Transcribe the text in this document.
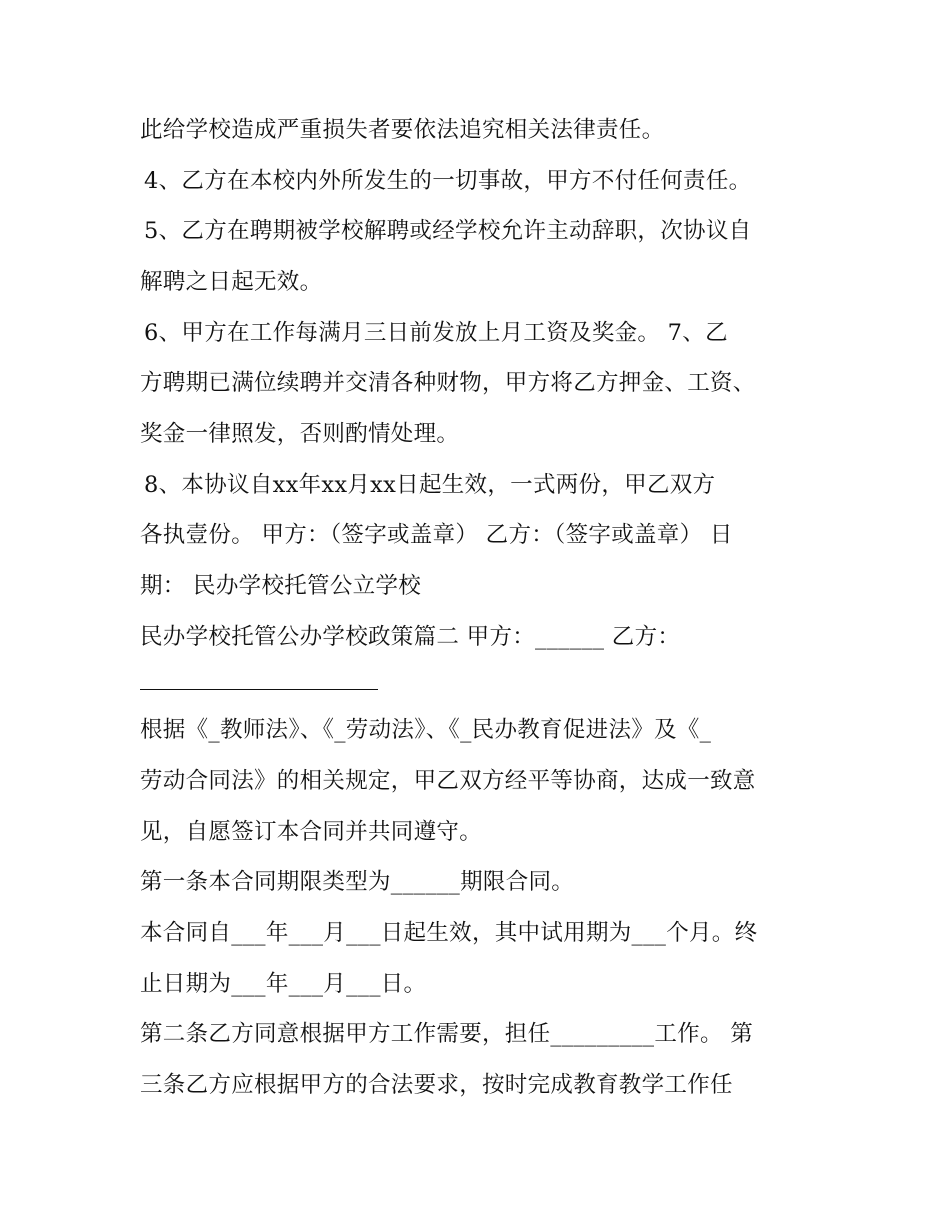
此给学校造成严重损失者要依法追究相关法律责任。
4、乙方在本校内外所发生的一切事故，甲方不付任何责任。
5、乙方在聘期被学校解聘或经学校允许主动辞职，次协议自
解聘之日起无效。
6、甲方在工作每满月三日前发放上月工资及奖金。 7、乙
方聘期已满位续聘并交清各种财物，甲方将乙方押金、工资、
奖金一律照发，否则酌情处理。
8、本协议自xx年xx月xx日起生效，一式两份，甲乙双方
各执壹份。 甲方：（签字或盖章） 乙方：（签字或盖章） 日
期： 民办学校托管公立学校
民办学校托管公办学校政策篇二 甲方：______ 乙方：
根据《_教师法》、《_劳动法》、《_民办教育促进法》及《_
劳动合同法》的相关规定，甲乙双方经平等协商，达成一致意
见，自愿签订本合同并共同遵守。
第一条本合同期限类型为______期限合同。
本合同自___年___月___日起生效，其中试用期为___个月。终
止日期为___年___月___日。
第二条乙方同意根据甲方工作需要，担任_________工作。 第
三条乙方应根据甲方的合法要求，按时完成教育教学工作任
